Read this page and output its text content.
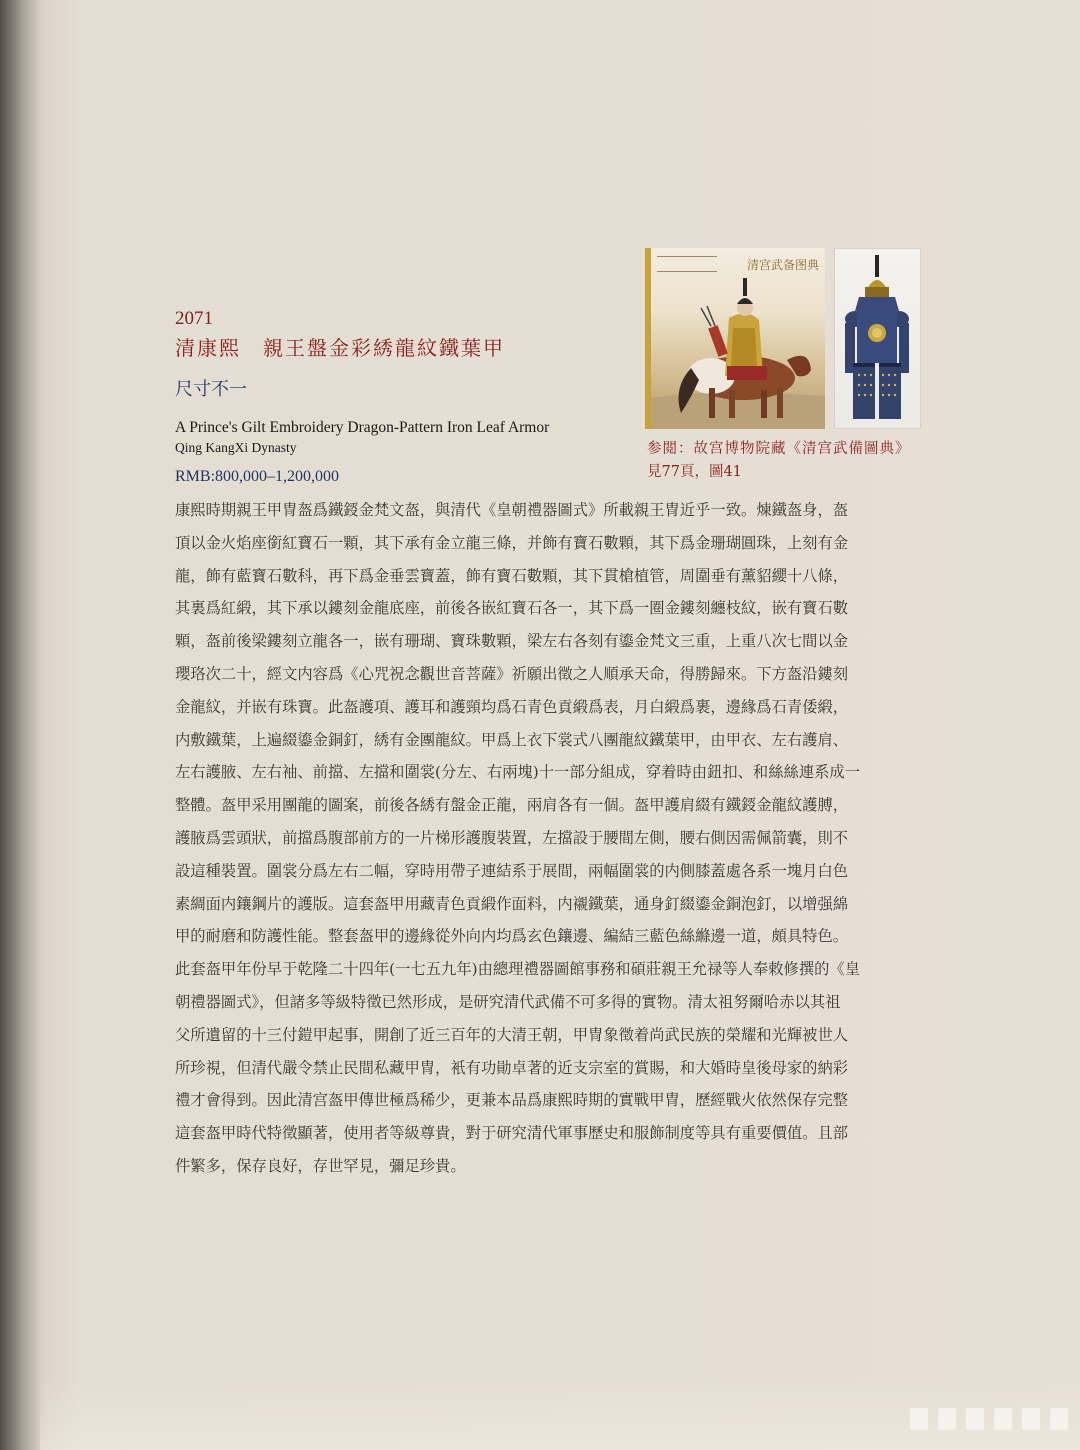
清宫武备图典
参閲：故宫博物院藏《清宫武備圖典》
見77頁，圖41
2071
清康熙　親王盤金彩綉龍紋鐵葉甲
尺寸不一
A Prince's Gilt Embroidery Dragon-Pattern Iron Leaf Armor
Qing KangXi Dynasty
RMB:800,000–1,200,000

康熙時期親王甲冑盔爲鐵鋄金梵文盔，與清代《皇朝禮器圖式》所載親王冑近乎一致。煉鐵盔身，盔

頂以金火焰座銜紅寶石一顆，其下承有金立龍三條，并飾有寶石數顆，其下爲金珊瑚圓珠，上刻有金

龍，飾有藍寶石數科，再下爲金垂雲寶蓋，飾有寶石數顆，其下貫槍植管，周圍垂有薰貂纓十八條，

其裏爲紅緞，其下承以鏤刻金龍底座，前後各嵌紅寶石各一，其下爲一圈金鏤刻纏枝紋，嵌有寶石數

顆，盔前後梁鏤刻立龍各一，嵌有珊瑚、寶珠數顆，梁左右各刻有鎏金梵文三重，上重八次七間以金

瓔珞次二十，經文内容爲《心咒祝念觀世音菩薩》祈願出徵之人順承天命，得勝歸來。下方盔沿鏤刻

金龍紋，并嵌有珠寶。此盔護項、護耳和護頸均爲石青色貢緞爲表，月白緞爲裹，邊緣爲石青倭緞，

内敷鐵葉，上遍綴鎏金銅釘，綉有金團龍紋。甲爲上衣下裳式八團龍紋鐵葉甲，由甲衣、左右護肩、

左右護腋、左右袖、前擋、左擋和圍裳(分左、右兩塊)十一部分組成，穿着時由鈕扣、和絲絲連系成一

整體。盔甲采用團龍的圖案，前後各綉有盤金正龍，兩肩各有一個。盔甲護肩綴有鐵鋄金龍紋護膊，

護腋爲雲頭狀，前擋爲腹部前方的一片梯形護腹裝置，左擋設于腰間左側，腰右側因需佩箭囊，則不

設這種裝置。圍裳分爲左右二幅，穿時用帶子連結系于展間，兩幅圍裳的内側膝蓋處各系一塊月白色

素綢面内鑲鋼片的護版。這套盔甲用藏青色貢緞作面料，内襯鐵葉，通身釘綴鎏金銅泡釘，以增强綿

甲的耐磨和防護性能。整套盔甲的邊緣從外向内均爲玄色鑲邊、編結三藍色絲縧邊一道，頗具特色。

此套盔甲年份早于乾隆二十四年(一七五九年)由總理禮器圖館事務和碩莊親王允禄等人奉敕修撰的《皇

朝禮器圖式》，但諸多等級特徵已然形成，是研究清代武備不可多得的實物。清太祖努爾哈赤以其祖

父所遺留的十三付鎧甲起事，開創了近三百年的大清王朝，甲冑象徵着尚武民族的榮耀和光輝被世人

所珍視，但清代嚴令禁止民間私藏甲冑，衹有功勛卓著的近支宗室的賞賜，和大婚時皇後母家的納彩

禮才會得到。因此清宫盔甲傳世極爲稀少，更兼本品爲康熙時期的實戰甲冑，歷經戰火依然保存完整

這套盔甲時代特徵顯著，使用者等級尊貴，對于研究清代軍事歷史和服飾制度等具有重要價值。且部

件繁多，保存良好，存世罕見，彌足珍貴。
